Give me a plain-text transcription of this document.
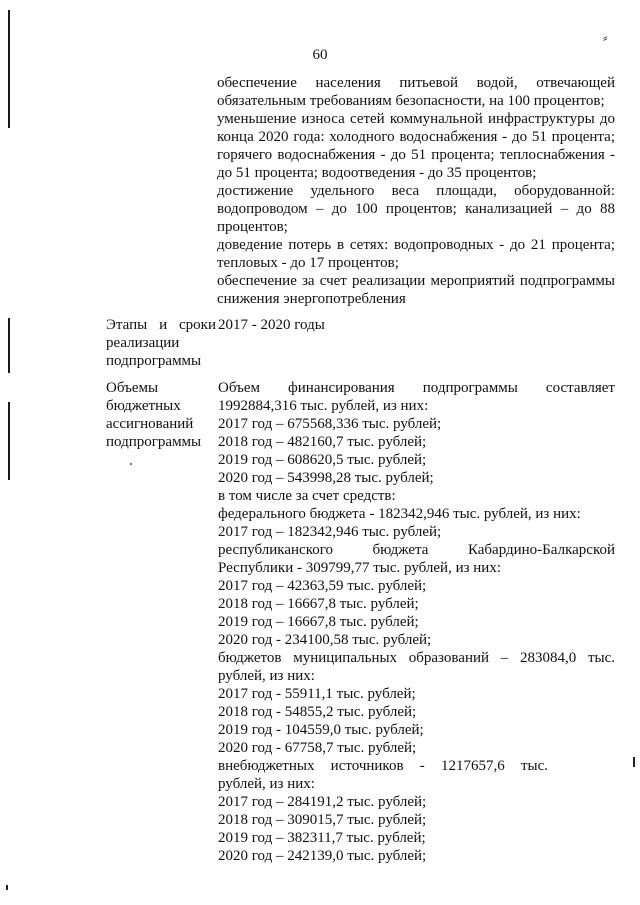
60
⸗

обеспечение населения питьевой водой, отвечающей обязательным требованиям безопасности, на 100 процентов;

уменьшение износа сетей коммунальной инфраструктуры до конца 2020 года: холодного водоснабжения - до 51 процента; горячего водоснабжения - до 51 процента; теплоснабжения - до 51 процента; водоотведения - до 35 процентов;

достижение удельного веса площади, оборудованной: водопроводом – до 100 процентов; канализацией – до 88 процентов;

доведение потерь в сетях: водопроводных - до 21 процента; тепловых - до 17 процентов;

обеспечение за счет реализации мероприятий подпрограммы снижения энергопотребления

Этапы и сроки реализации подпрограммы

2017 - 2020 годы

Объемы бюджетных ассигнований подпрограммы

Объем финансирования подпрограммы составляет 1992884,316 тыс. рублей, из них:

2017 год – 675568,336 тыс. рублей;

2018 год – 482160,7 тыс. рублей;

2019 год – 608620,5 тыс. рублей;

2020 год – 543998,28 тыс. рублей;

в том числе за счет средств:

федерального бюджета - 182342,946 тыс. рублей, из них:

2017 год – 182342,946 тыс. рублей;

республиканского бюджета Кабардино-Балкарской Республики - 309799,77 тыс. рублей, из них:

2017 год – 42363,59 тыс. рублей;

2018 год – 16667,8 тыс. рублей;

2019 год – 16667,8 тыс. рублей;

2020 год - 234100,58 тыс. рублей;

бюджетов муниципальных образований – 283084,0 тыс. рублей, из них:

2017 год - 55911,1 тыс. рублей;

2018 год - 54855,2 тыс. рублей;

2019 год - 104559,0 тыс. рублей;

2020 год - 67758,7 тыс. рублей;

внебюджетных источников - 1217657,6 тыс. рублей, из них:

2017 год – 284191,2 тыс. рублей;

2018 год – 309015,7 тыс. рублей;

2019 год – 382311,7 тыс. рублей;

2020 год – 242139,0 тыс. рублей;
